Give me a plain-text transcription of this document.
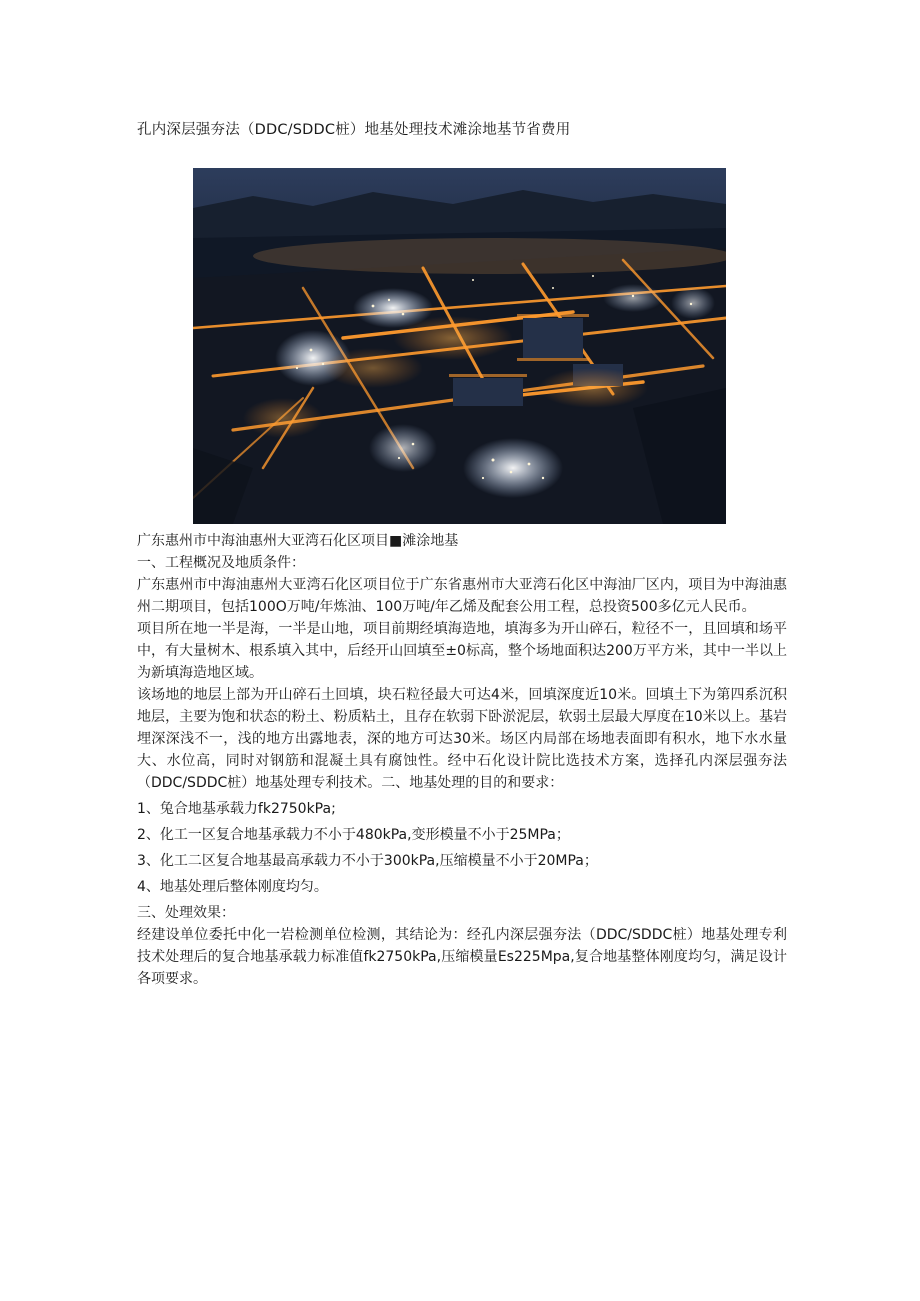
孔内深层强夯法（DDC/SDDC桩）地基处理技术滩涂地基节省费用

广东惠州市中海油惠州大亚湾石化区项目■滩涂地基

一、工程概况及地质条件：

广东惠州市中海油惠州大亚湾石化区项目位于广东省惠州市大亚湾石化区中海油厂区内，项目为中海油惠州二期项目，包括100O万吨/年炼油、100万吨/年乙烯及配套公用工程，总投资500多亿元人民币。

项目所在地一半是海，一半是山地，项目前期经填海造地，填海多为开山碎石，粒径不一，且回填和场平中，有大量树木、根系填入其中，后经开山回填至±0标高，整个场地面积达200万平方米，其中一半以上为新填海造地区域。

该场地的地层上部为开山碎石土回填，块石粒径最大可达4米，回填深度近10米。回填土下为第四系沉积地层，主要为饱和状态的粉土、粉质粘土，且存在软弱下卧淤泥层，软弱土层最大厚度在10米以上。基岩埋深深浅不一，浅的地方出露地表，深的地方可达30米。场区内局部在场地表面即有积水，地下水水量大、水位高，同时对钢筋和混凝土具有腐蚀性。经中石化设计院比选技术方案，选择孔内深层强夯法（DDC/SDDC桩）地基处理专利技术。二、地基处理的目的和要求：

1、兔合地基承载力fk2750kPa;

2、化工一区复合地基承载力不小于480kPa,变形模量不小于25MPa；

3、化工二区复合地基最高承载力不小于300kPa,压缩模量不小于20MPa；

4、地基处理后整体刚度均匀。

三、处理效果：

经建设单位委托中化一岩检测单位检测，其结论为：经孔内深层强夯法（DDC/SDDC桩）地基处理专利技术处理后的复合地基承载力标准值fk2750kPa,压缩模量Es225Mpa,复合地基整体刚度均匀，满足设计各项要求。
